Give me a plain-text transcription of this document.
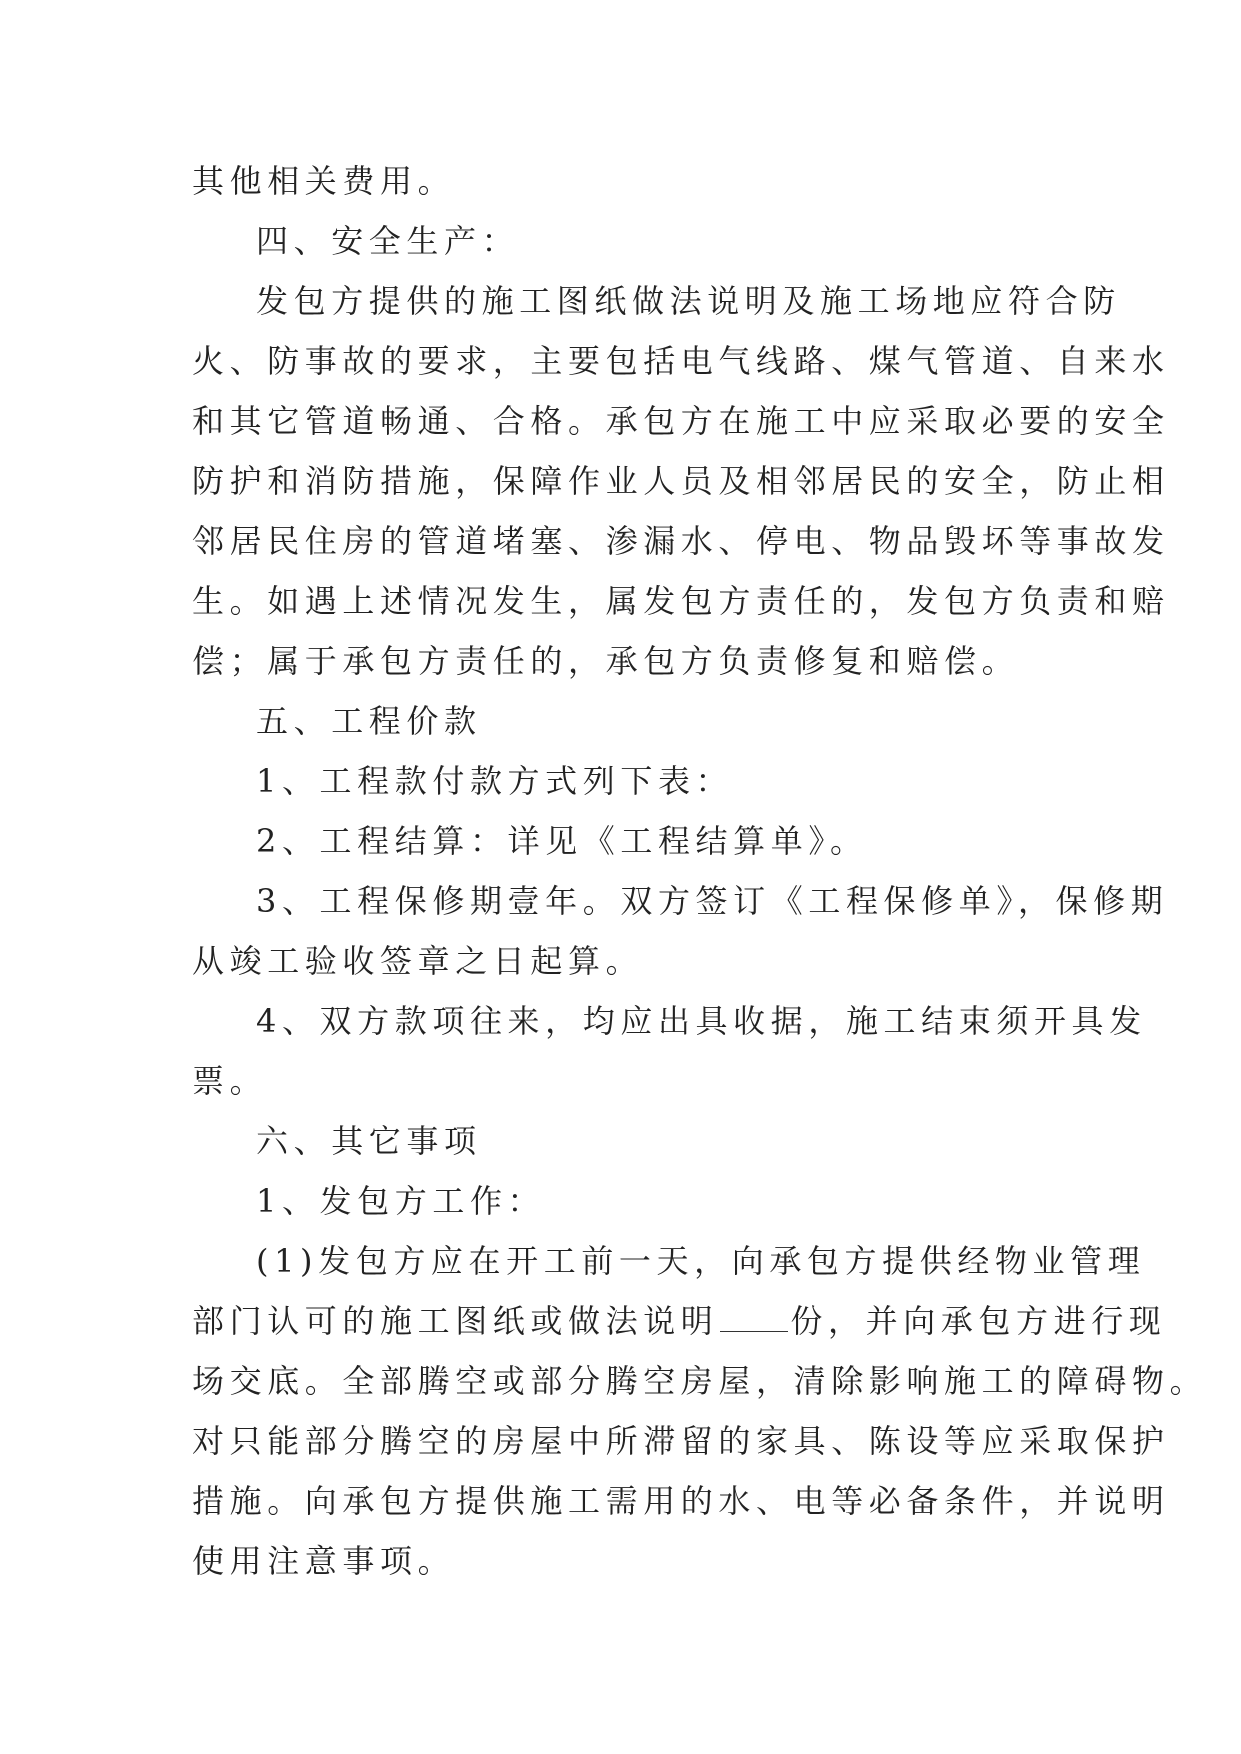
其他相关费用。
四、安全生产：
发包方提供的施工图纸做法说明及施工场地应符合防
火、防事故的要求，主要包括电气线路、煤气管道、自来水
和其它管道畅通、合格。承包方在施工中应采取必要的安全
防护和消防措施，保障作业人员及相邻居民的安全，防止相
邻居民住房的管道堵塞、渗漏水、停电、物品毁坏等事故发
生。如遇上述情况发生，属发包方责任的，发包方负责和赔
偿；属于承包方责任的，承包方负责修复和赔偿。
五、工程价款
1、工程款付款方式列下表：
2、工程结算：详见《工程结算单》。
3、工程保修期壹年。双方签订《工程保修单》，保修期
从竣工验收签章之日起算。
4、双方款项往来，均应出具收据，施工结束须开具发
票。
六、其它事项
1、发包方工作：
(1)发包方应在开工前一天，向承包方提供经物业管理
部门认可的施工图纸或做法说明 份，并向承包方进行现
场交底。全部腾空或部分腾空房屋，清除影响施工的障碍物。
对只能部分腾空的房屋中所滞留的家具、陈设等应采取保护
措施。向承包方提供施工需用的水、电等必备条件，并说明
使用注意事项。
